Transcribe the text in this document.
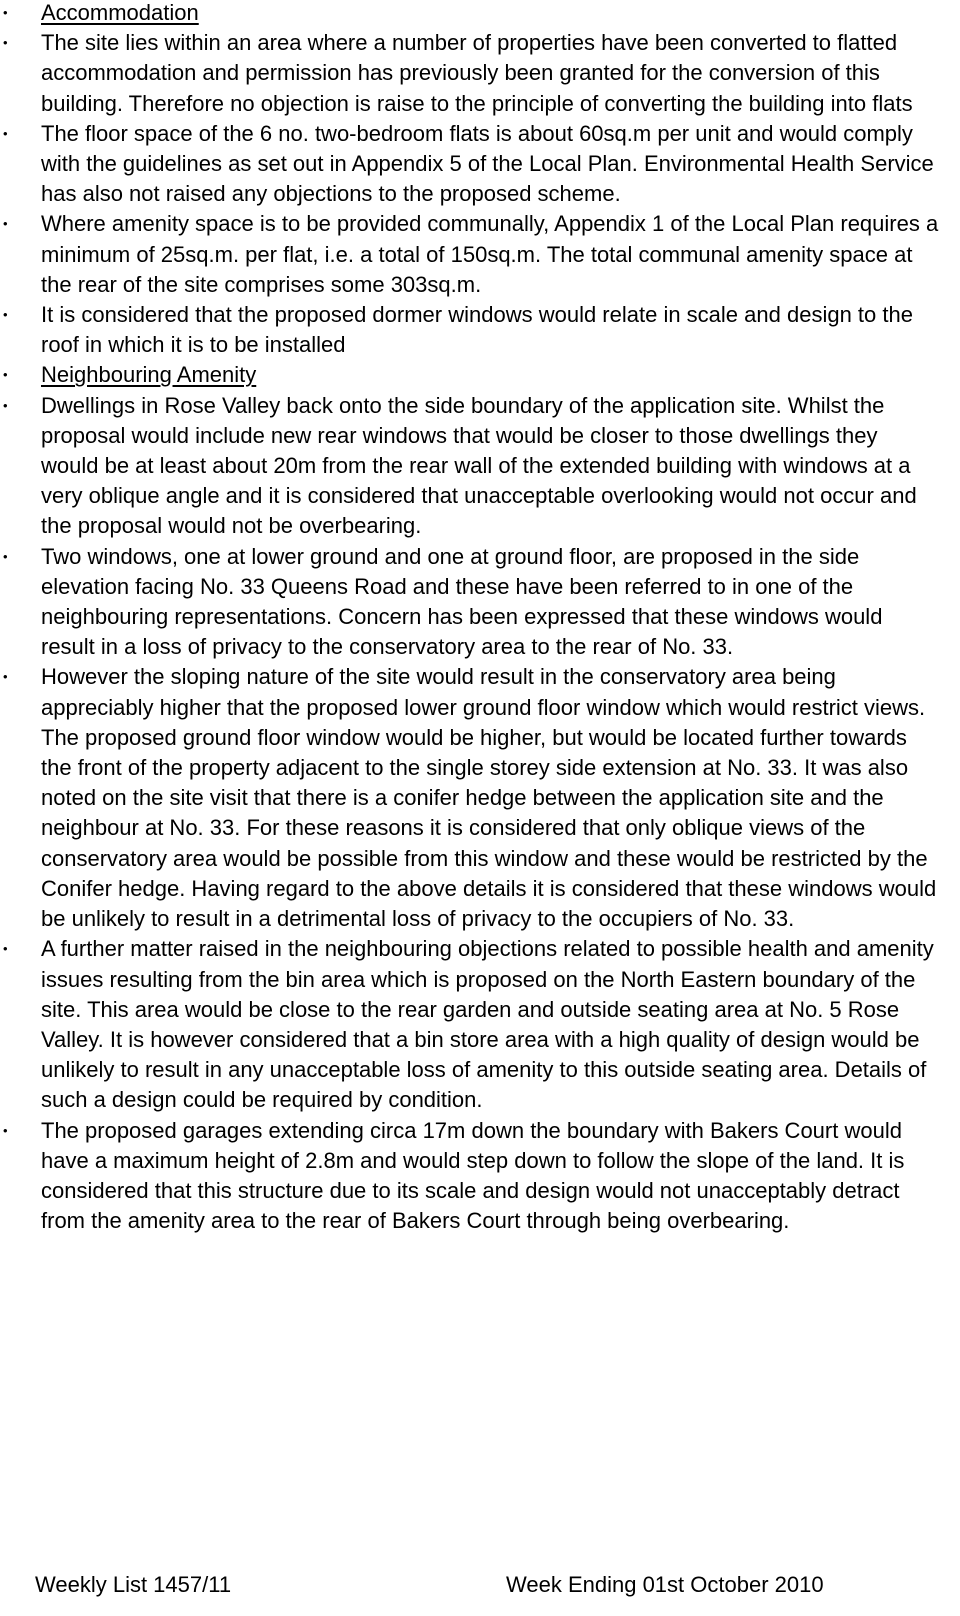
• Accommodation
• The site lies within an area where a number of properties have been converted to flatted accommodation and permission has previously been granted for the conversion of this building. Therefore no objection is raise to the principle of converting the building into flats
• The floor space of the 6 no. two-bedroom flats is about 60sq.m per unit and would comply with the guidelines as set out in Appendix 5 of the Local Plan. Environmental Health Service has also not raised any objections to the proposed scheme.
• Where amenity space is to be provided communally, Appendix 1 of the Local Plan requires a minimum of 25sq.m. per flat, i.e. a total of 150sq.m. The total communal amenity space at the rear of the site comprises some 303sq.m.
• It is considered that the proposed dormer windows would relate in scale and design to the roof in which it is to be installed
• Neighbouring Amenity
• Dwellings in Rose Valley back onto the side boundary of the application site. Whilst the proposal would include new rear windows that would be closer to those dwellings they would be at least about 20m from the rear wall of the extended building with windows at a very oblique angle and it is considered that unacceptable overlooking would not occur and the proposal would not be overbearing.
• Two windows, one at lower ground and one at ground floor, are proposed in the side elevation facing No. 33 Queens Road and these have been referred to in one of the neighbouring representations. Concern has been expressed that these windows would result in a loss of privacy to the conservatory area to the rear of No. 33.
• However the sloping nature of the site would result in the conservatory area being appreciably higher that the proposed lower ground floor window which would restrict views. The proposed ground floor window would be higher, but would be located further towards the front of the property adjacent to the single storey side extension at No. 33. It was also noted on the site visit that there is a conifer hedge between the application site and the neighbour at No. 33. For these reasons it is considered that only oblique views of the conservatory area would be possible from this window and these would be restricted by the Conifer hedge. Having regard to the above details it is considered that these windows would be unlikely to result in a detrimental loss of privacy to the occupiers of No. 33.
• A further matter raised in the neighbouring objections related to possible health and amenity issues resulting from the bin area which is proposed on the North Eastern boundary of the site. This area would be close to the rear garden and outside seating area at No. 5 Rose Valley. It is however considered that a bin store area with a high quality of design would be unlikely to result in any unacceptable loss of amenity to this outside seating area. Details of such a design could be required by condition.
• The proposed garages extending circa 17m down the boundary with Bakers Court would have a maximum height of 2.8m and would step down to follow the slope of the land. It is considered that this structure due to its scale and design would not unacceptably detract from the amenity area to the rear of Bakers Court through being overbearing.
Weekly List 1457/11	Week Ending 01st October 2010
